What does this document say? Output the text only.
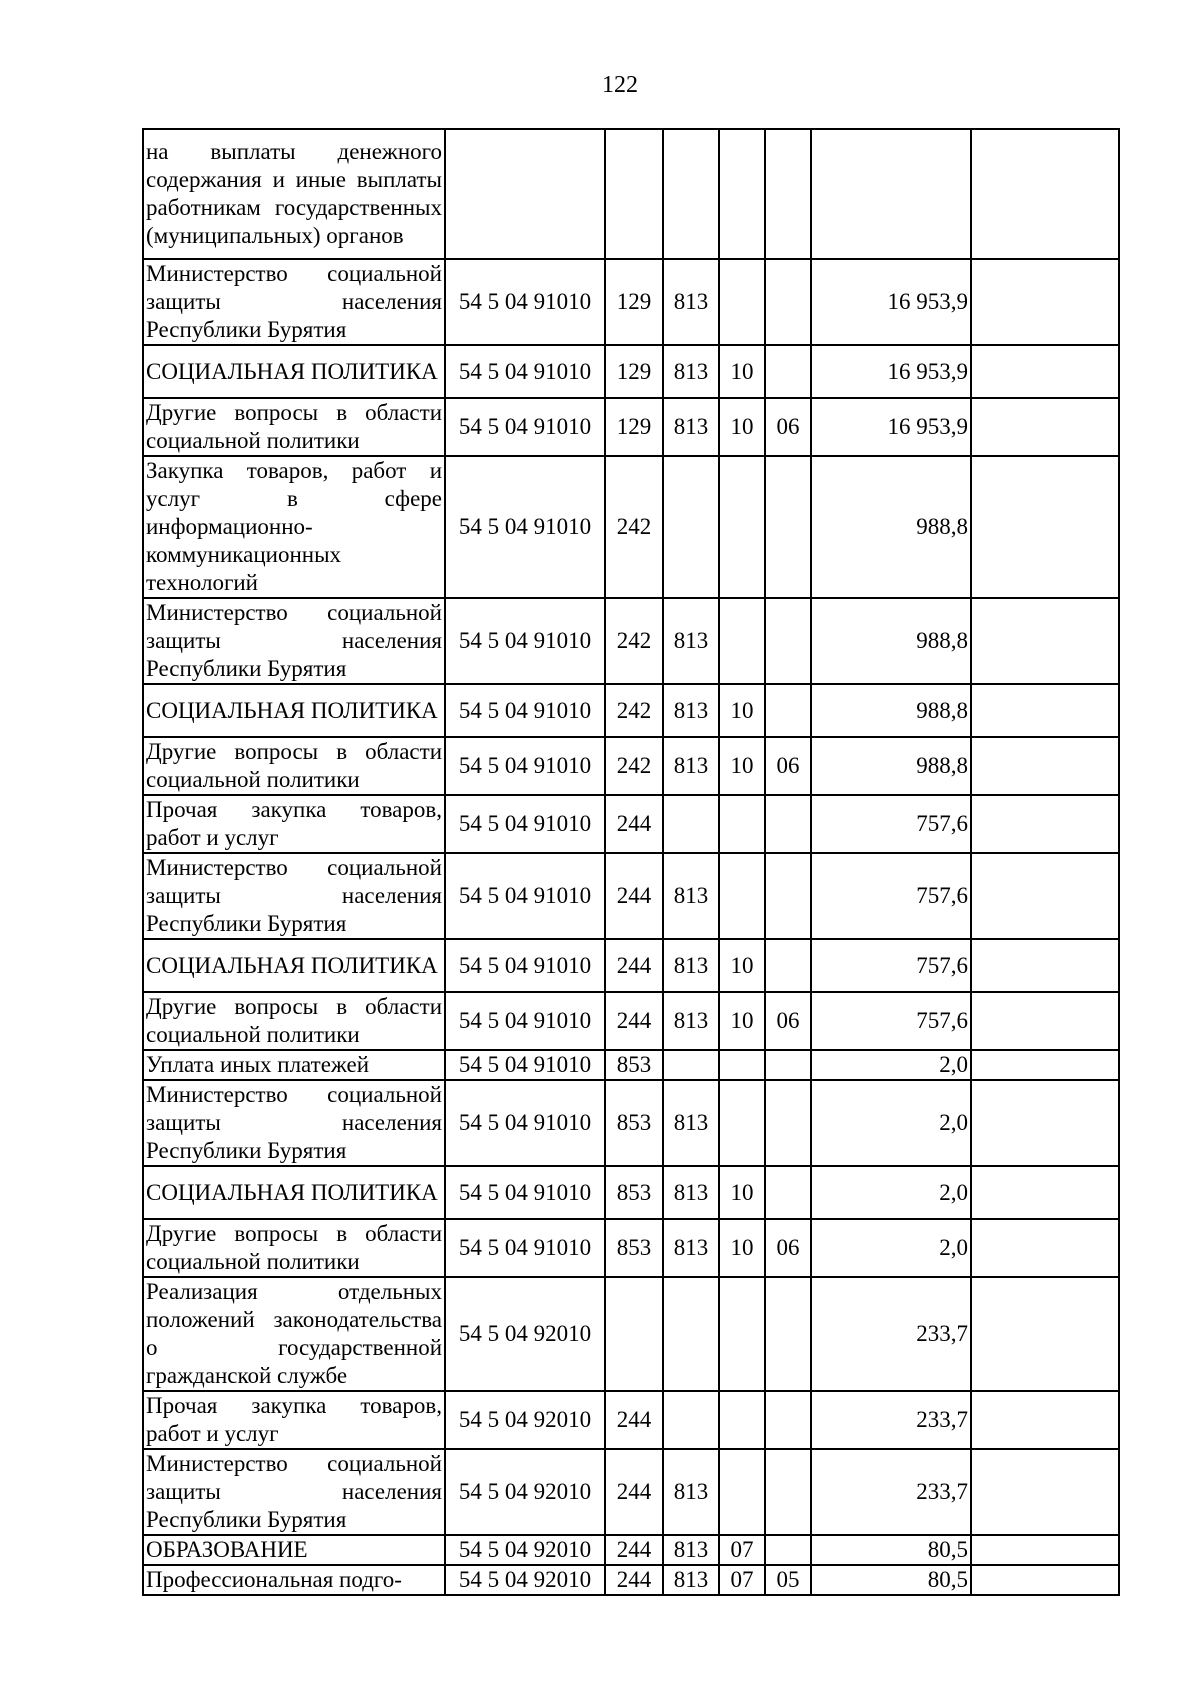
122
на выплаты денежного содержания и иные выплаты работникам государственных (муниципальных) органов							
Министерство социальной защиты населения Республики Бурятия	54 5 04 91010	129	813			16 953,9	
СОЦИАЛЬНАЯ ПОЛИТИКА	54 5 04 91010	129	813	10		16 953,9	
Другие вопросы в области социальной политики	54 5 04 91010	129	813	10	06	16 953,9	
Закупка товаров, работ и услуг в сфере информационно-коммуникационных технологий	54 5 04 91010	242				988,8	
Министерство социальной защиты населения Республики Бурятия	54 5 04 91010	242	813			988,8	
СОЦИАЛЬНАЯ ПОЛИТИКА	54 5 04 91010	242	813	10		988,8	
Другие вопросы в области социальной политики	54 5 04 91010	242	813	10	06	988,8	
Прочая закупка товаров, работ и услуг	54 5 04 91010	244				757,6	
Министерство социальной защиты населения Республики Бурятия	54 5 04 91010	244	813			757,6	
СОЦИАЛЬНАЯ ПОЛИТИКА	54 5 04 91010	244	813	10		757,6	
Другие вопросы в области социальной политики	54 5 04 91010	244	813	10	06	757,6	
Уплата иных платежей	54 5 04 91010	853				2,0	
Министерство социальной защиты населения Республики Бурятия	54 5 04 91010	853	813			2,0	
СОЦИАЛЬНАЯ ПОЛИТИКА	54 5 04 91010	853	813	10		2,0	
Другие вопросы в области социальной политики	54 5 04 91010	853	813	10	06	2,0	
Реализация отдельных положений законодательства о государственной гражданской службе	54 5 04 92010					233,7	
Прочая закупка товаров, работ и услуг	54 5 04 92010	244				233,7	
Министерство социальной защиты населения Республики Бурятия	54 5 04 92010	244	813			233,7	
ОБРАЗОВАНИЕ	54 5 04 92010	244	813	07		80,5	
Профессиональная подго-	54 5 04 92010	244	813	07	05	80,5	
